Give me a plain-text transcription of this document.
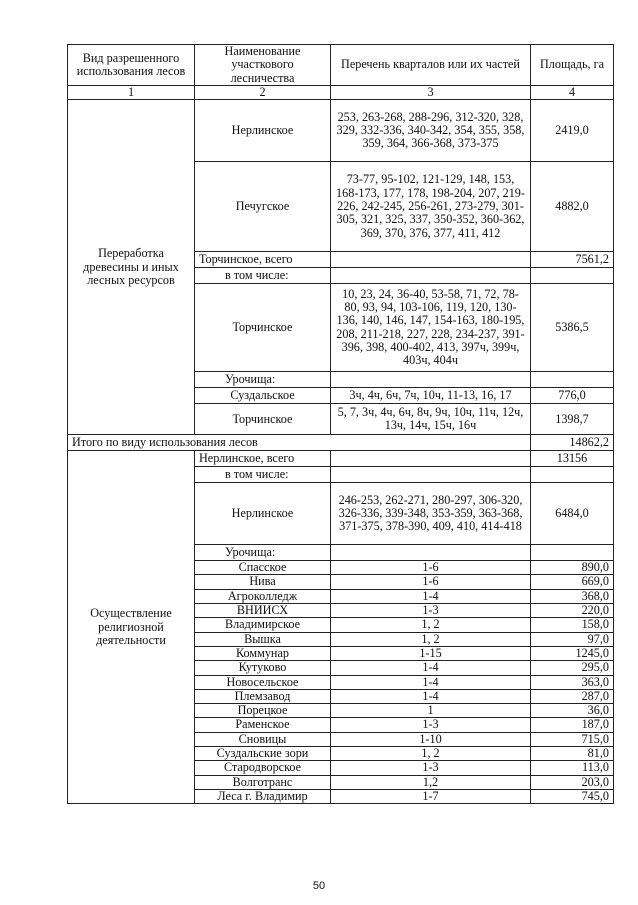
Вид разрешенного использования лесов	Наименование участкового лесничества	Перечень кварталов или их частей	Площадь, га
1	2	3	4
Переработка древесины и иных лесных ресурсов	Нерлинское	253, 263-268, 288-296, 312-320, 328, 329, 332-336, 340-342, 354, 355, 358, 359, 364, 366-368, 373-375	2419,0
	Печугское	73-77, 95-102, 121-129, 148, 153, 168-173, 177, 178, 198-204, 207, 219-226, 242-245, 256-261, 273-279, 301-305, 321, 325, 337, 350-352, 360-362, 369, 370, 376, 377, 411, 412	4882,0
	Торчинское, всего		7561,2
	в том числе:		
	Торчинское	10, 23, 24, 36-40, 53-58, 71, 72, 78-80, 93, 94, 103-106, 119, 120, 130-136, 140, 146, 147, 154-163, 180-195, 208, 211-218, 227, 228, 234-237, 391-396, 398, 400-402, 413, 397ч, 399ч, 403ч, 404ч	5386,5
	Урочища:		
	Суздальское	3ч, 4ч, 6ч, 7ч, 10ч, 11-13, 16, 17	776,0
	Торчинское	5, 7, 3ч, 4ч, 6ч, 8ч, 9ч, 10ч, 11ч, 12ч, 13ч, 14ч, 15ч, 16ч	1398,7
Итого по виду использования лесов			14862,2
Осуществление религиозной деятельности	Нерлинское, всего		13156
	в том числе:		
	Нерлинское	246-253, 262-271, 280-297, 306-320, 326-336, 339-348, 353-359, 363-368, 371-375, 378-390, 409, 410, 414-418	6484,0
	Урочища:		
	Спасское	1-6	890,0
	Нива	1-6	669,0
	Агроколледж	1-4	368,0
	ВНИИСХ	1-3	220,0
	Владимирское	1, 2	158,0
	Вышка	1, 2	97,0
	Коммунар	1-15	1245,0
	Кутуково	1-4	295,0
	Новосельское	1-4	363,0
	Племзавод	1-4	287,0
	Порецкое	1	36,0
	Раменское	1-3	187,0
	Сновицы	1-10	715,0
	Суздальские зори	1, 2	81,0
	Стародворское	1-3	113,0
	Волготранс	1,2	203,0
	Леса г. Владимир	1-7	745,0
50
